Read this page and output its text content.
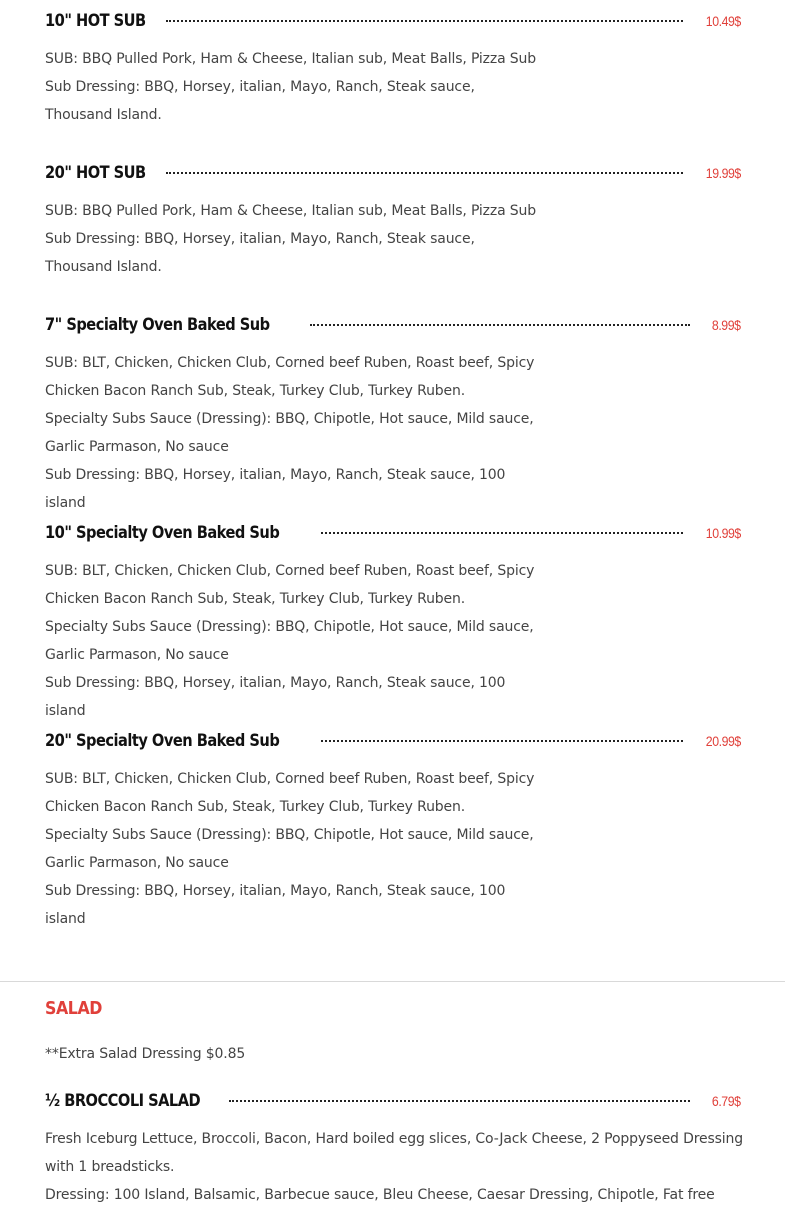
10" HOT SUB	10.49$

SUB: BBQ Pulled Pork, Ham & Cheese, Italian sub, Meat Balls, Pizza Sub

Sub Dressing: BBQ, Horsey, italian, Mayo, Ranch, Steak sauce,

Thousand Island.

20" HOT SUB	19.99$

SUB: BBQ Pulled Pork, Ham & Cheese, Italian sub, Meat Balls, Pizza Sub

Sub Dressing: BBQ, Horsey, italian, Mayo, Ranch, Steak sauce,

Thousand Island.

7" Specialty Oven Baked Sub	8.99$

SUB: BLT, Chicken, Chicken Club, Corned beef Ruben, Roast beef, Spicy

Chicken Bacon Ranch Sub, Steak, Turkey Club, Turkey Ruben.

Specialty Subs Sauce (Dressing): BBQ, Chipotle, Hot sauce, Mild sauce,

Garlic Parmason, No sauce

Sub Dressing: BBQ, Horsey, italian, Mayo, Ranch, Steak sauce, 100 island

10" Specialty Oven Baked Sub	10.99$

SUB: BLT, Chicken, Chicken Club, Corned beef Ruben, Roast beef, Spicy

Chicken Bacon Ranch Sub, Steak, Turkey Club, Turkey Ruben.

Specialty Subs Sauce (Dressing): BBQ, Chipotle, Hot sauce, Mild sauce,

Garlic Parmason, No sauce

Sub Dressing: BBQ, Horsey, italian, Mayo, Ranch, Steak sauce, 100 island

20" Specialty Oven Baked Sub	20.99$

SUB: BLT, Chicken, Chicken Club, Corned beef Ruben, Roast beef, Spicy

Chicken Bacon Ranch Sub, Steak, Turkey Club, Turkey Ruben.

Specialty Subs Sauce (Dressing): BBQ, Chipotle, Hot sauce, Mild sauce,

Garlic Parmason, No sauce

Sub Dressing: BBQ, Horsey, italian, Mayo, Ranch, Steak sauce, 100 island

SALAD
**Extra Salad Dressing $0.85
½ BROCCOLI SALAD	6.79$

Fresh Iceburg Lettuce, Broccoli, Bacon, Hard boiled egg slices, Co-Jack Cheese, 2 Poppyseed Dressing

with 1 breadsticks.

Dressing: 100 Island, Balsamic, Barbecue sauce, Bleu Cheese, Caesar Dressing, Chipotle, Fat free
